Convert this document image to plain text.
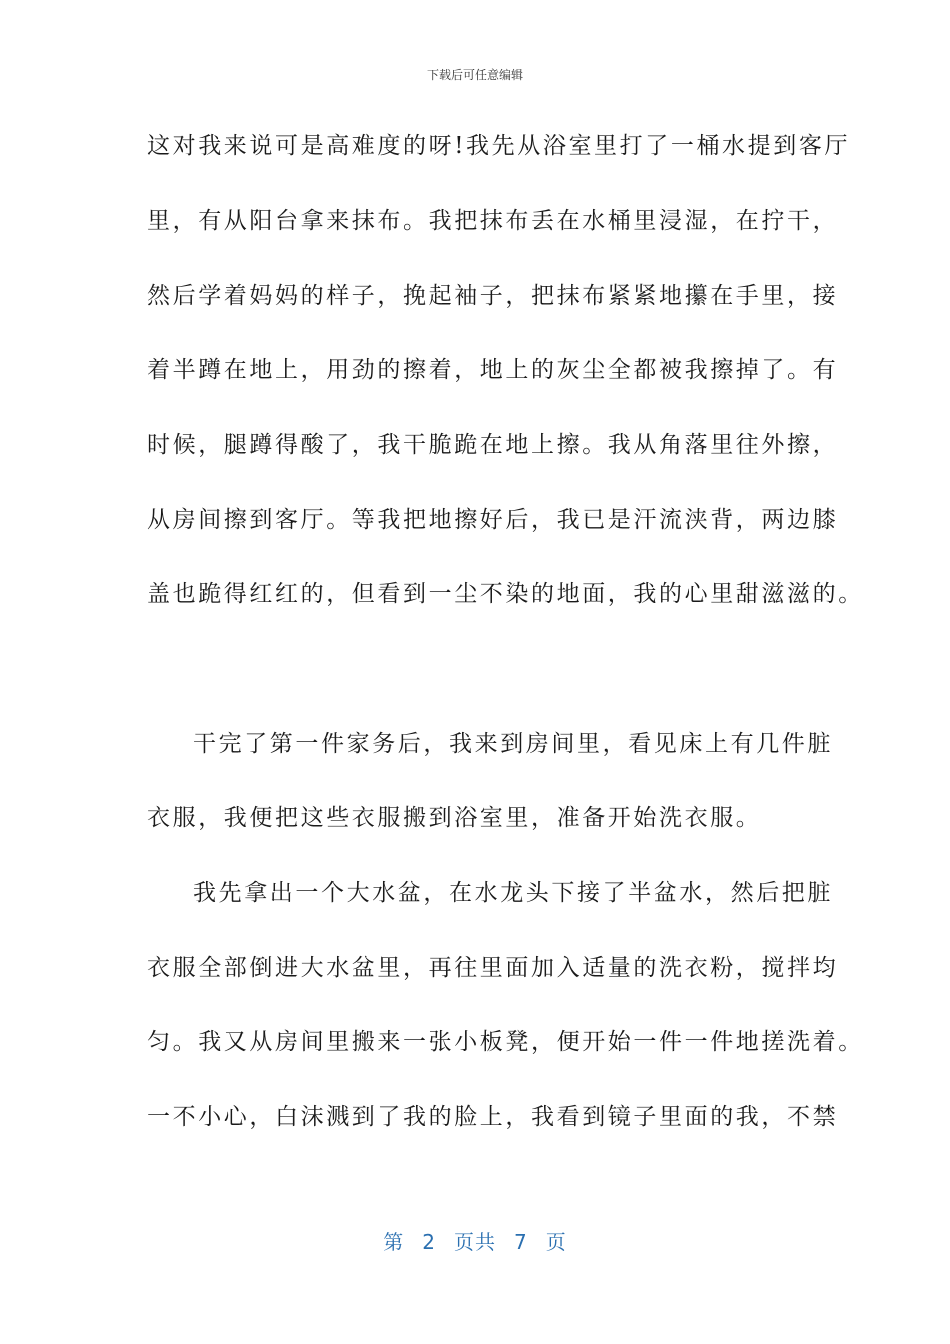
下载后可任意编辑
这对我来说可是高难度的呀!我先从浴室里打了一桶水提到客厅
里，有从阳台拿来抹布。我把抹布丢在水桶里浸湿，在拧干，
然后学着妈妈的样子，挽起袖子，把抹布紧紧地攥在手里，接
着半蹲在地上，用劲的擦着，地上的灰尘全都被我擦掉了。有
时候，腿蹲得酸了，我干脆跪在地上擦。我从角落里往外擦，
从房间擦到客厅。等我把地擦好后，我已是汗流浃背，两边膝
盖也跪得红红的，但看到一尘不染的地面，我的心里甜滋滋的。
干完了第一件家务后，我来到房间里，看见床上有几件脏
衣服，我便把这些衣服搬到浴室里，准备开始洗衣服。
我先拿出一个大水盆，在水龙头下接了半盆水，然后把脏
衣服全部倒进大水盆里，再往里面加入适量的洗衣粉，搅拌均
匀。我又从房间里搬来一张小板凳，便开始一件一件地搓洗着。
一不小心，白沫溅到了我的脸上，我看到镜子里面的我，不禁
第 2 页共 7 页
